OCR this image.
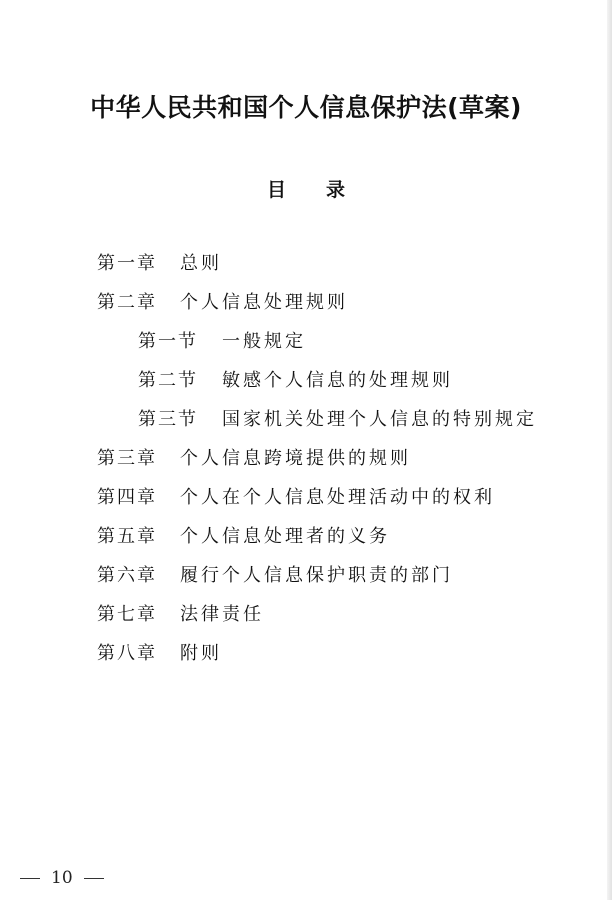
中华人民共和国个人信息保护法(草案)
目录
第一章 总则
第二章 个人信息处理规则
第一节 一般规定
第二节 敏感个人信息的处理规则
第三节 国家机关处理个人信息的特别规定
第三章 个人信息跨境提供的规则
第四章 个人在个人信息处理活动中的权利
第五章 个人信息处理者的义务
第六章 履行个人信息保护职责的部门
第七章 法律责任
第八章 附则
10
